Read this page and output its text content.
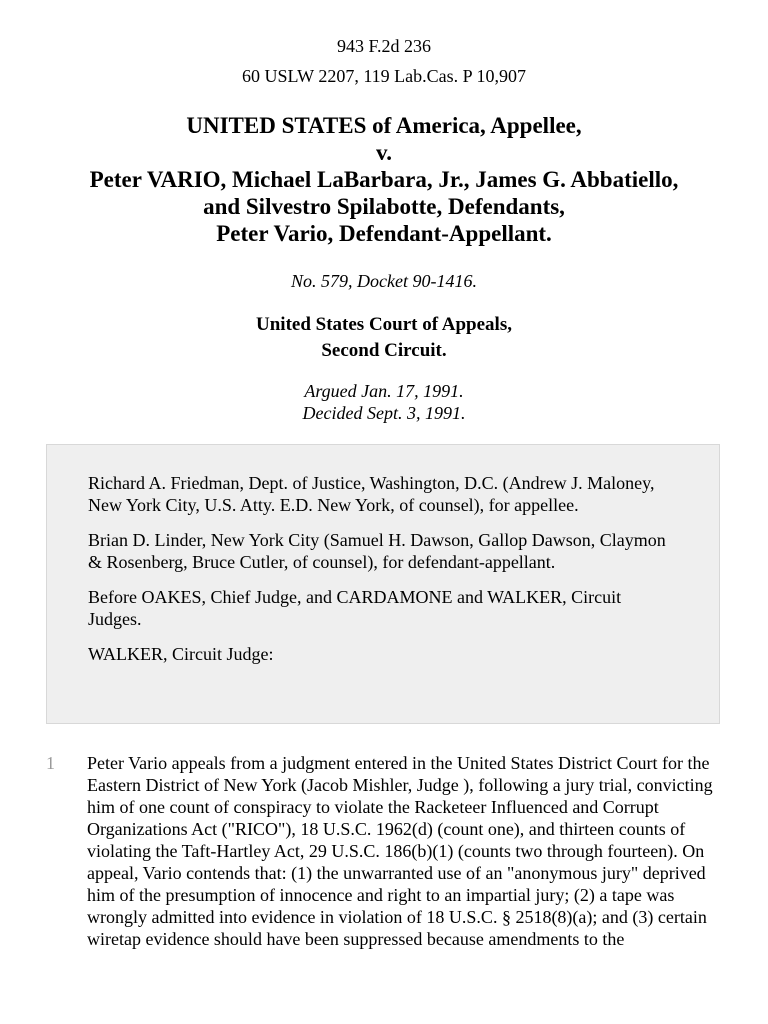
943 F.2d 236
60 USLW 2207, 119 Lab.Cas. P 10,907
UNITED STATES of America, Appellee,
v.
Peter VARIO, Michael LaBarbara, Jr., James G. Abbatiello,
and Silvestro Spilabotte, Defendants,
Peter Vario, Defendant-Appellant.
No. 579, Docket 90-1416.
United States Court of Appeals,
Second Circuit.
Argued Jan. 17, 1991.
Decided Sept. 3, 1991.

Richard A. Friedman, Dept. of Justice, Washington, D.C. (Andrew J. Maloney, New York City, U.S. Atty. E.D. New York, of counsel), for appellee.

Brian D. Linder, New York City (Samuel H. Dawson, Gallop Dawson, Claymon & Rosenberg, Bruce Cutler, of counsel), for defendant-appellant.

Before OAKES, Chief Judge, and CARDAMONE and WALKER, Circuit Judges.

WALKER, Circuit Judge:

1 Peter Vario appeals from a judgment entered in the United States District Court for the Eastern District of New York (Jacob Mishler, Judge ), following a jury trial, convicting him of one count of conspiracy to violate the Racketeer Influenced and Corrupt Organizations Act ("RICO"), 18 U.S.C. 1962(d) (count one), and thirteen counts of violating the Taft-Hartley Act, 29 U.S.C. 186(b)(1) (counts two through fourteen). On appeal, Vario contends that: (1) the unwarranted use of an "anonymous jury" deprived him of the presumption of innocence and right to an impartial jury; (2) a tape was wrongly admitted into evidence in violation of 18 U.S.C. § 2518(8)(a); and (3) certain wiretap evidence should have been suppressed because amendments to the
